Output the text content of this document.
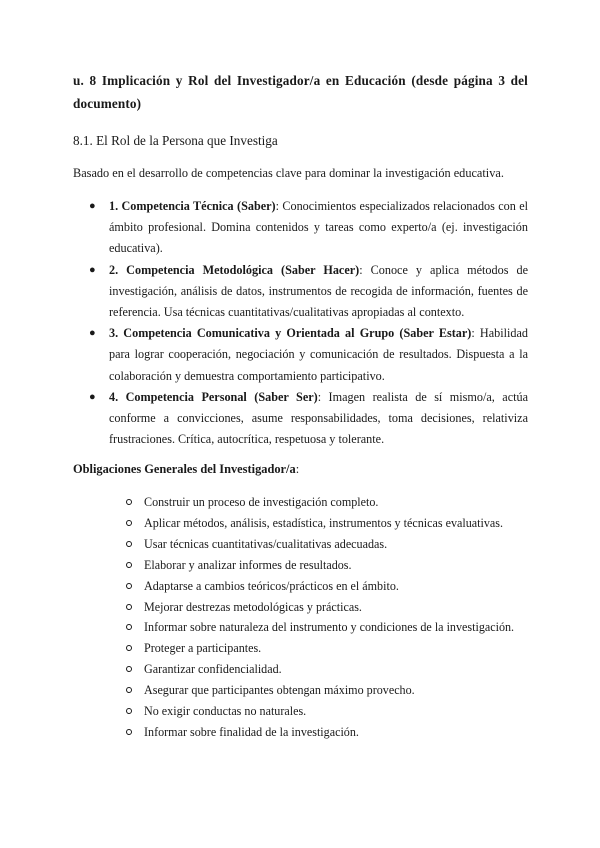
u. 8 Implicación y Rol del Investigador/a en Educación (desde página 3 del documento)
8.1. El Rol de la Persona que Investiga
Basado en el desarrollo de competencias clave para dominar la investigación educativa.
● 1. Competencia Técnica (Saber): Conocimientos especializados relacionados con el ámbito profesional. Domina contenidos y tareas como experto/a (ej. investigación educativa).
● 2. Competencia Metodológica (Saber Hacer): Conoce y aplica métodos de investigación, análisis de datos, instrumentos de recogida de información, fuentes de referencia. Usa técnicas cuantitativas/cualitativas apropiadas al contexto.
● 3. Competencia Comunicativa y Orientada al Grupo (Saber Estar): Habilidad para lograr cooperación, negociación y comunicación de resultados. Dispuesta a la colaboración y demuestra comportamiento participativo.
● 4. Competencia Personal (Saber Ser): Imagen realista de sí mismo/a, actúa conforme a convicciones, asume responsabilidades, toma decisiones, relativiza frustraciones. Crítica, autocrítica, respetuosa y tolerante.
Obligaciones Generales del Investigador/a:
Construir un proceso de investigación completo.
Aplicar métodos, análisis, estadística, instrumentos y técnicas evaluativas.
Usar técnicas cuantitativas/cualitativas adecuadas.
Elaborar y analizar informes de resultados.
Adaptarse a cambios teóricos/prácticos en el ámbito.
Mejorar destrezas metodológicas y prácticas.
Informar sobre naturaleza del instrumento y condiciones de la investigación.
Proteger a participantes.
Garantizar confidencialidad.
Asegurar que participantes obtengan máximo provecho.
No exigir conductas no naturales.
Informar sobre finalidad de la investigación.
